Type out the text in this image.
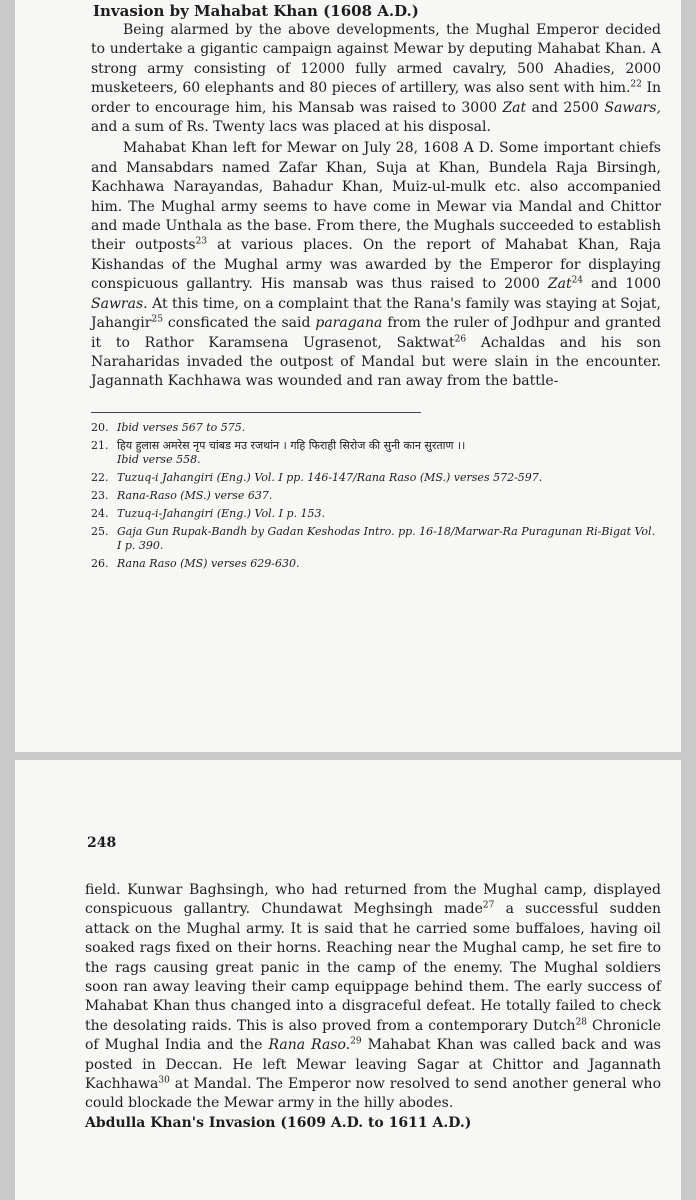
Invasion by Mahabat Khan (1608 A.D.)

Being alarmed by the above developments, the Mughal Emperor decided to undertake a gigantic campaign against Mewar by deputing Mahabat Khan. A strong army consisting of 12000 fully armed cavalry, 500 Ahadies, 2000 musketeers, 60 elephants and 80 pieces of artillery, was also sent with him.$^{22}$ In order to encourage him, his Mansab was raised to 3000 Zat and 2500 Sawars, and a sum of Rs. Twenty lacs was placed at his disposal.

Mahabat Khan left for Mewar on July 28, 1608 A D. Some important chiefs and Mansabdars named Zafar Khan, Suja at Khan, Bundela Raja Birsingh, Kachhawa Narayandas, Bahadur Khan, Muiz-ul-mulk etc. also accompanied him. The Mughal army seems to have come in Mewar via Mandal and Chittor and made Unthala as the base. From there, the Mughals succeeded to establish their outposts$^{23}$ at various places. On the report of Mahabat Khan, Raja Kishandas of the Mughal army was awarded by the Emperor for displaying conspicuous gallantry. His mansab was thus raised to 2000 Zat$^{24}$ and 1000 Sawras. At this time, on a complaint that the Rana's family was staying at Sojat, Jahangir$^{25}$ consficated the said paragana from the ruler of Jodhpur and granted it to Rathor Karamsena Ugrasenot, Saktwat$^{26}$ Achaldas and his son Naraharidas invaded the outpost of Mandal but were slain in the encounter. Jagannath Kachhawa was wounded and ran away from the battle-

20. Ibid verses 567 to 575.
21. हिय हुलास अमरेस नृप चांबड मउ रजथांन । गहि फिराही सिरोज की सुनी कान सुरताण ।।
Ibid verse 558.
22. Tuzuq-i Jahangiri (Eng.) Vol. I pp. 146-147/Rana Raso (MS.) verses 572-597.
23. Rana-Raso (MS.) verse 637.
24. Tuzuq-i-Jahangiri (Eng.) Vol. I p. 153.
25. Gaja Gun Rupak-Bandh by Gadan Keshodas Intro. pp. 16-18/Marwar-Ra Puragunan Ri-Bigat Vol. I p. 390.
26. Rana Raso (MS) verses 629-630.
248

field. Kunwar Baghsingh, who had returned from the Mughal camp, displayed conspicuous gallantry. Chundawat Meghsingh made$^{27}$ a successful sudden attack on the Mughal army. It is said that he carried some buffaloes, having oil soaked rags fixed on their horns. Reaching near the Mughal camp, he set fire to the rags causing great panic in the camp of the enemy. The Mughal soldiers soon ran away leaving their camp equippage behind them. The early success of Mahabat Khan thus changed into a disgraceful defeat. He totally failed to check the desolating raids. This is also proved from a contemporary Dutch$^{28}$ Chronicle of Mughal India and the Rana Raso.$^{29}$ Mahabat Khan was called back and was posted in Deccan. He left Mewar leaving Sagar at Chittor and Jagannath Kachhawa$^{30}$ at Mandal. The Emperor now resolved to send another general who could blockade the Mewar army in the hilly abodes.

Abdulla Khan's Invasion (1609 A.D. to 1611 A.D.)
